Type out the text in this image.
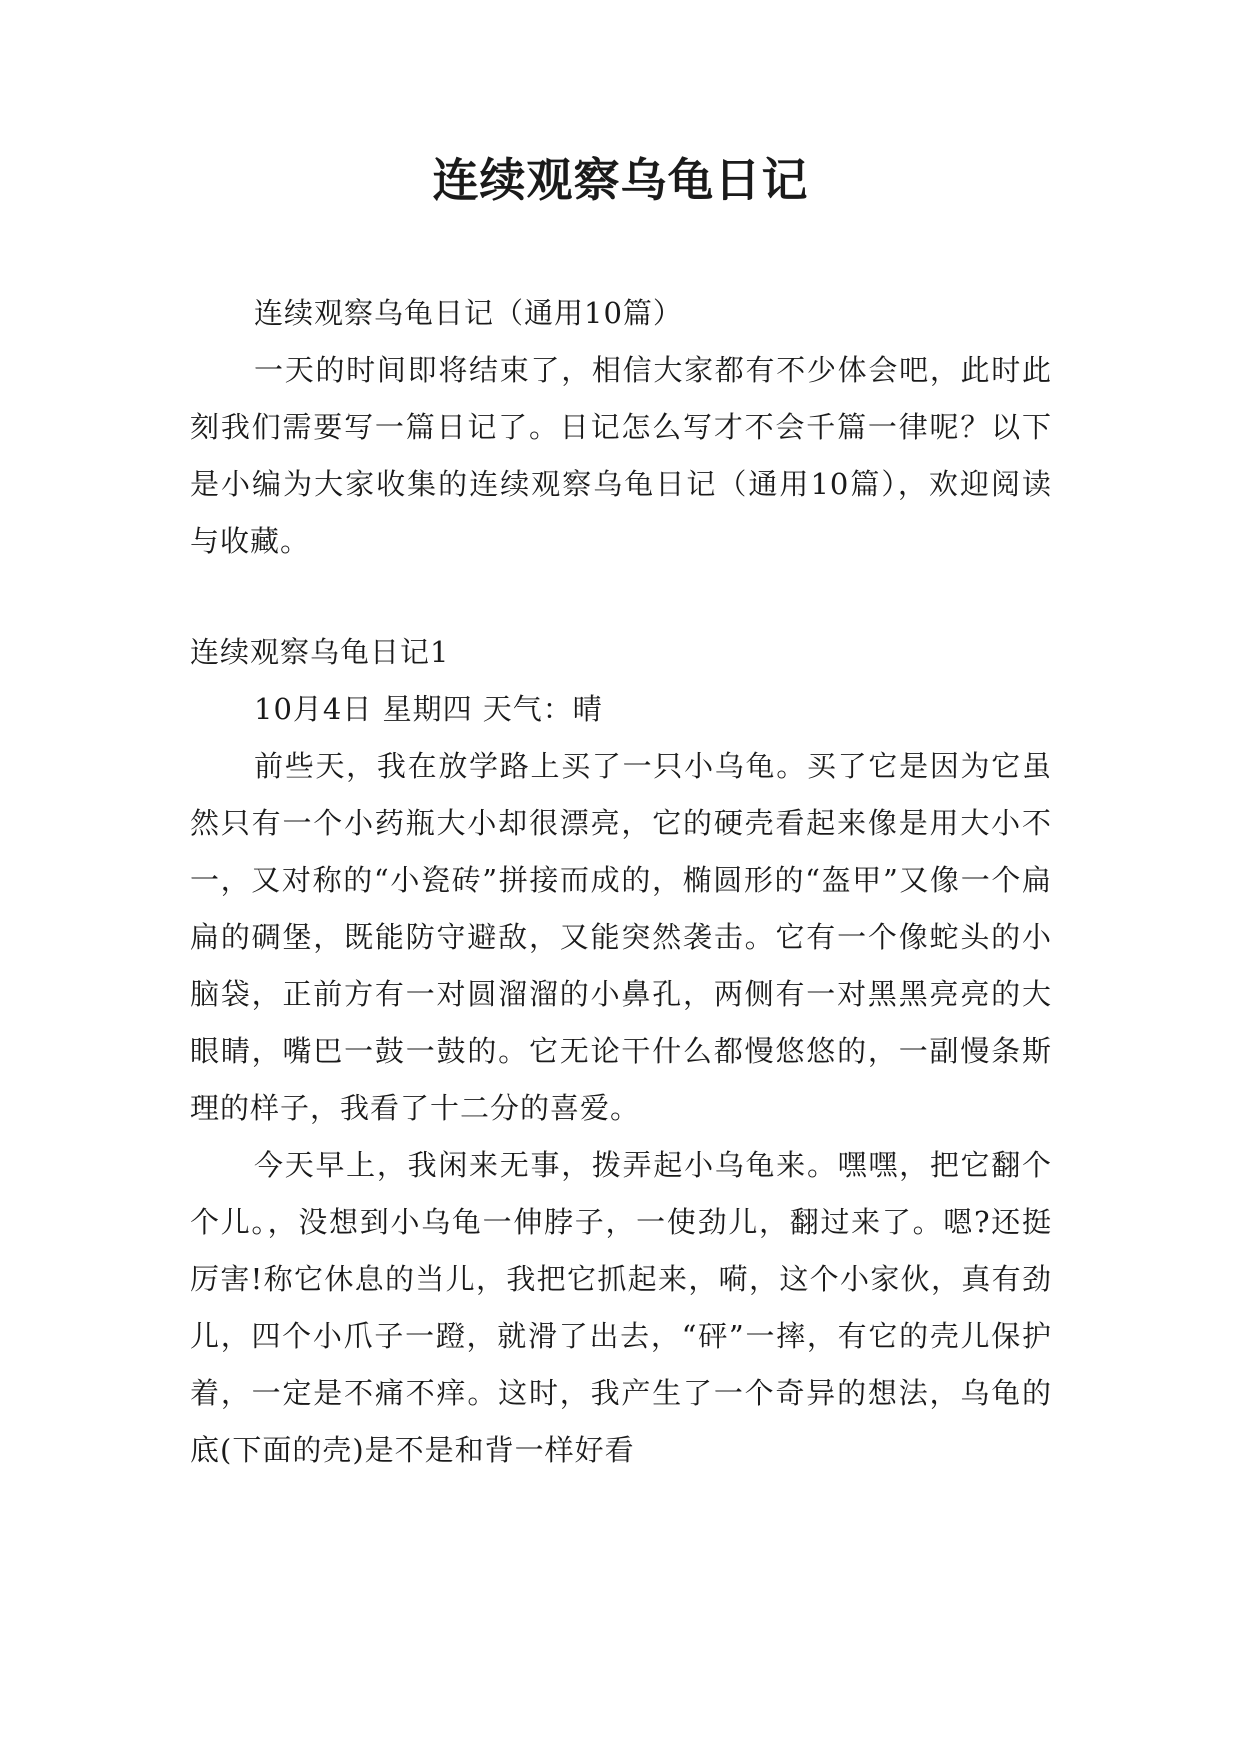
连续观察乌龟日记

连续观察乌龟日记（通用10篇）

一天的时间即将结束了，相信大家都有不少体会吧，此时此刻我们需要写一篇日记了。日记怎么写才不会千篇一律呢？以下是小编为大家收集的连续观察乌龟日记（通用10篇），欢迎阅读与收藏。

连续观察乌龟日记1

10月4日 星期四 天气：晴

前些天，我在放学路上买了一只小乌龟。买了它是因为它虽然只有一个小药瓶大小却很漂亮，它的硬壳看起来像是用大小不一，又对称的“小瓷砖”拼接而成的，椭圆形的“盔甲”又像一个扁扁的碉堡，既能防守避敌，又能突然袭击。它有一个像蛇头的小脑袋，正前方有一对圆溜溜的小鼻孔，两侧有一对黑黑亮亮的大眼睛，嘴巴一鼓一鼓的。它无论干什么都慢悠悠的，一副慢条斯理的样子，我看了十二分的喜爱。

今天早上，我闲来无事，拨弄起小乌龟来。嘿嘿，把它翻个个儿。，没想到小乌龟一伸脖子，一使劲儿，翻过来了。嗯?还挺厉害!称它休息的当儿，我把它抓起来，嗬，这个小家伙，真有劲儿，四个小爪子一蹬，就滑了出去，“砰”一摔，有它的壳儿保护着，一定是不痛不痒。这时，我产生了一个奇异的想法，乌龟的底(下面的壳)是不是和背一样好看
